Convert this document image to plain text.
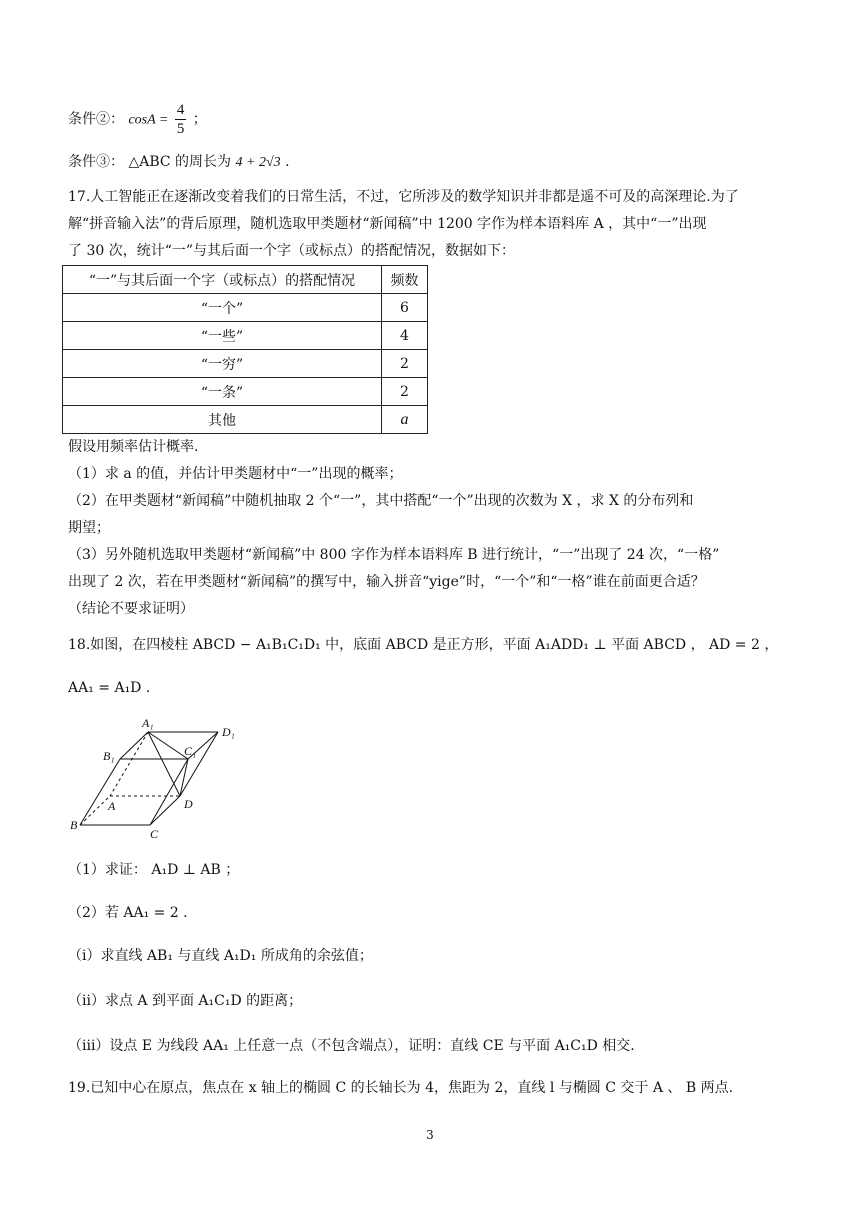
条件②： $\cos A = \frac{4}{5}$ ；
条件③： △ABC 的周长为 4 + 2√3 .
17.人工智能正在逐渐改变着我们的日常生活，不过，它所涉及的数学知识并非都是遥不可及的高深理论.为了
解“拼音输入法”的背后原理，随机选取甲类题材“新闻稿”中 1200 字作为样本语料库 A ，其中“一”出现
了 30 次，统计“一”与其后面一个字（或标点）的搭配情况，数据如下：
“一”与其后面一个字（或标点）的搭配情况	频数
“一个”	6
“一些”	4
“一穷”	2
“一条”	2
其他	a
假设用频率估计概率.
（1）求 a 的值，并估计甲类题材中“一”出现的概率；
（2）在甲类题材“新闻稿”中随机抽取 2 个“一”，其中搭配“一个”出现的次数为 X ，求 X 的分布列和
期望；
（3）另外随机选取甲类题材“新闻稿”中 800 字作为样本语料库 B 进行统计，“一”出现了 24 次，“一格”
出现了 2 次，若在甲类题材“新闻稿”的撰写中，输入拼音“yige”时，“一个”和“一格”谁在前面更合适？
（结论不要求证明）
18.如图，在四棱柱 ABCD − A₁B₁C₁D₁ 中，底面 ABCD 是正方形，平面 A₁ADD₁ ⊥ 平面 ABCD ， AD = 2 ，
AA₁ = A₁D .
A₁
D₁
B₁	C₁
A	D
B
C
（1）求证： A₁D ⊥ AB ；
（2）若 AA₁ = 2 .
（i）求直线 AB₁ 与直线 A₁D₁ 所成角的余弦值；
（ii）求点 A 到平面 A₁C₁D 的距离；
（iii）设点 E 为线段 AA₁ 上任意一点（不包含端点），证明：直线 CE 与平面 A₁C₁D 相交.
19.已知中心在原点，焦点在 x 轴上的椭圆 C 的长轴长为 4，焦距为 2，直线 l 与椭圆 C 交于 A 、 B 两点.
3
